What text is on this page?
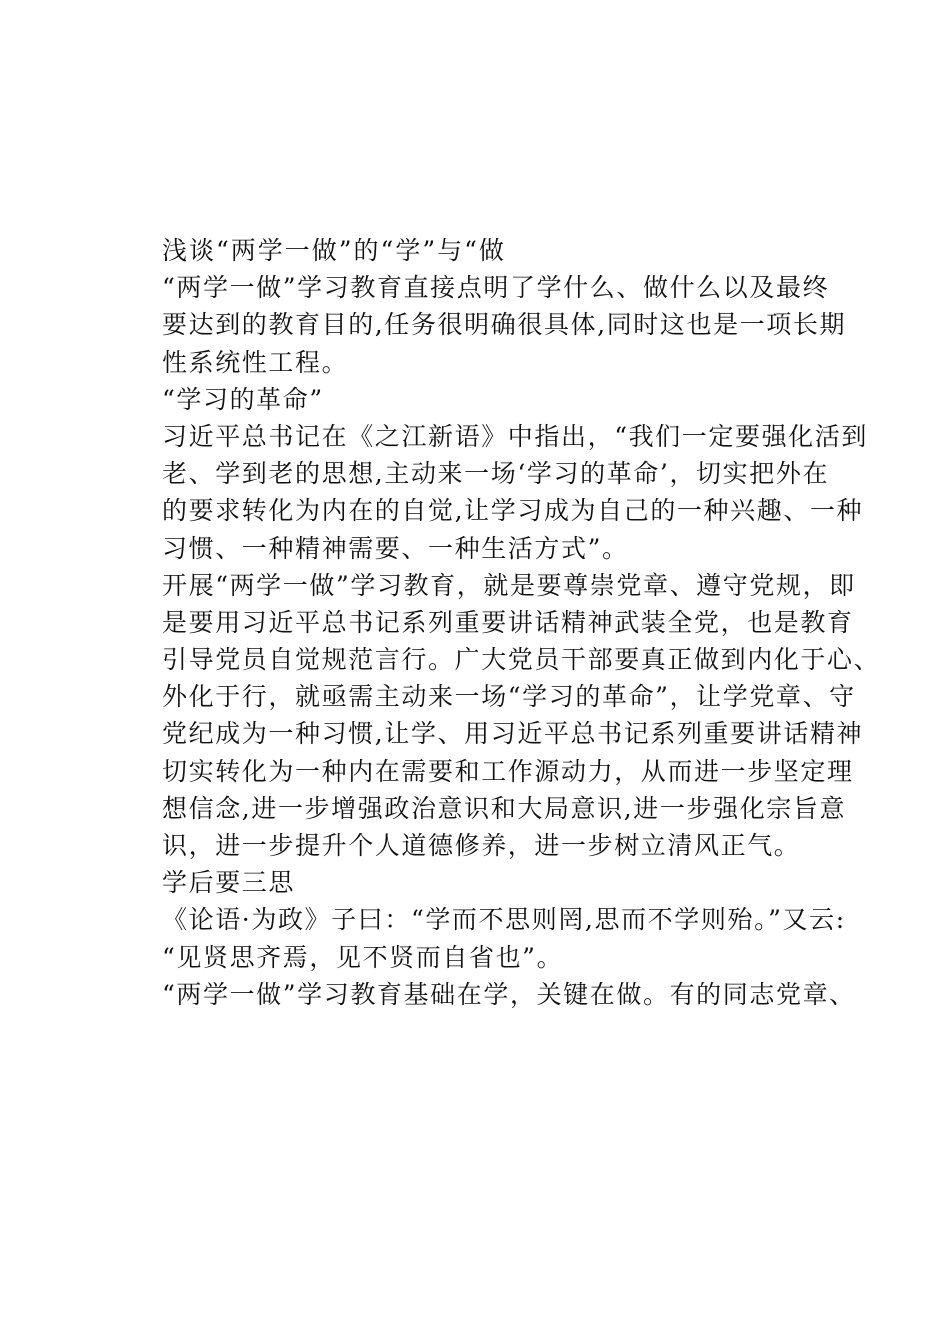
浅谈“两学一做”的“学”与“做
“两学一做”学习教育直接点明了学什么、做什么以及最终
要达到的教育目的,任务很明确很具体,同时这也是一项长期
性系统性工程。
“学习的革命”
习近平总书记在《之江新语》中指出，“我们一定要强化活到
老、学到老的思想,主动来一场‘学习的革命’，切实把外在
的要求转化为内在的自觉,让学习成为自己的一种兴趣、一种
习惯、一种精神需要、一种生活方式”。
开展“两学一做”学习教育，就是要尊崇党章、遵守党规，即
是要用习近平总书记系列重要讲话精神武装全党，也是教育
引导党员自觉规范言行。广大党员干部要真正做到内化于心、
外化于行，就亟需主动来一场“学习的革命”，让学党章、守
党纪成为一种习惯,让学、用习近平总书记系列重要讲话精神
切实转化为一种内在需要和工作源动力，从而进一步坚定理
想信念,进一步增强政治意识和大局意识,进一步强化宗旨意
识，进一步提升个人道德修养，进一步树立清风正气。
学后要三思
《论语·为政》子曰：“学而不思则罔,思而不学则殆。”又云:
“见贤思齐焉，见不贤而自省也”。
“两学一做”学习教育基础在学，关键在做。有的同志党章、
